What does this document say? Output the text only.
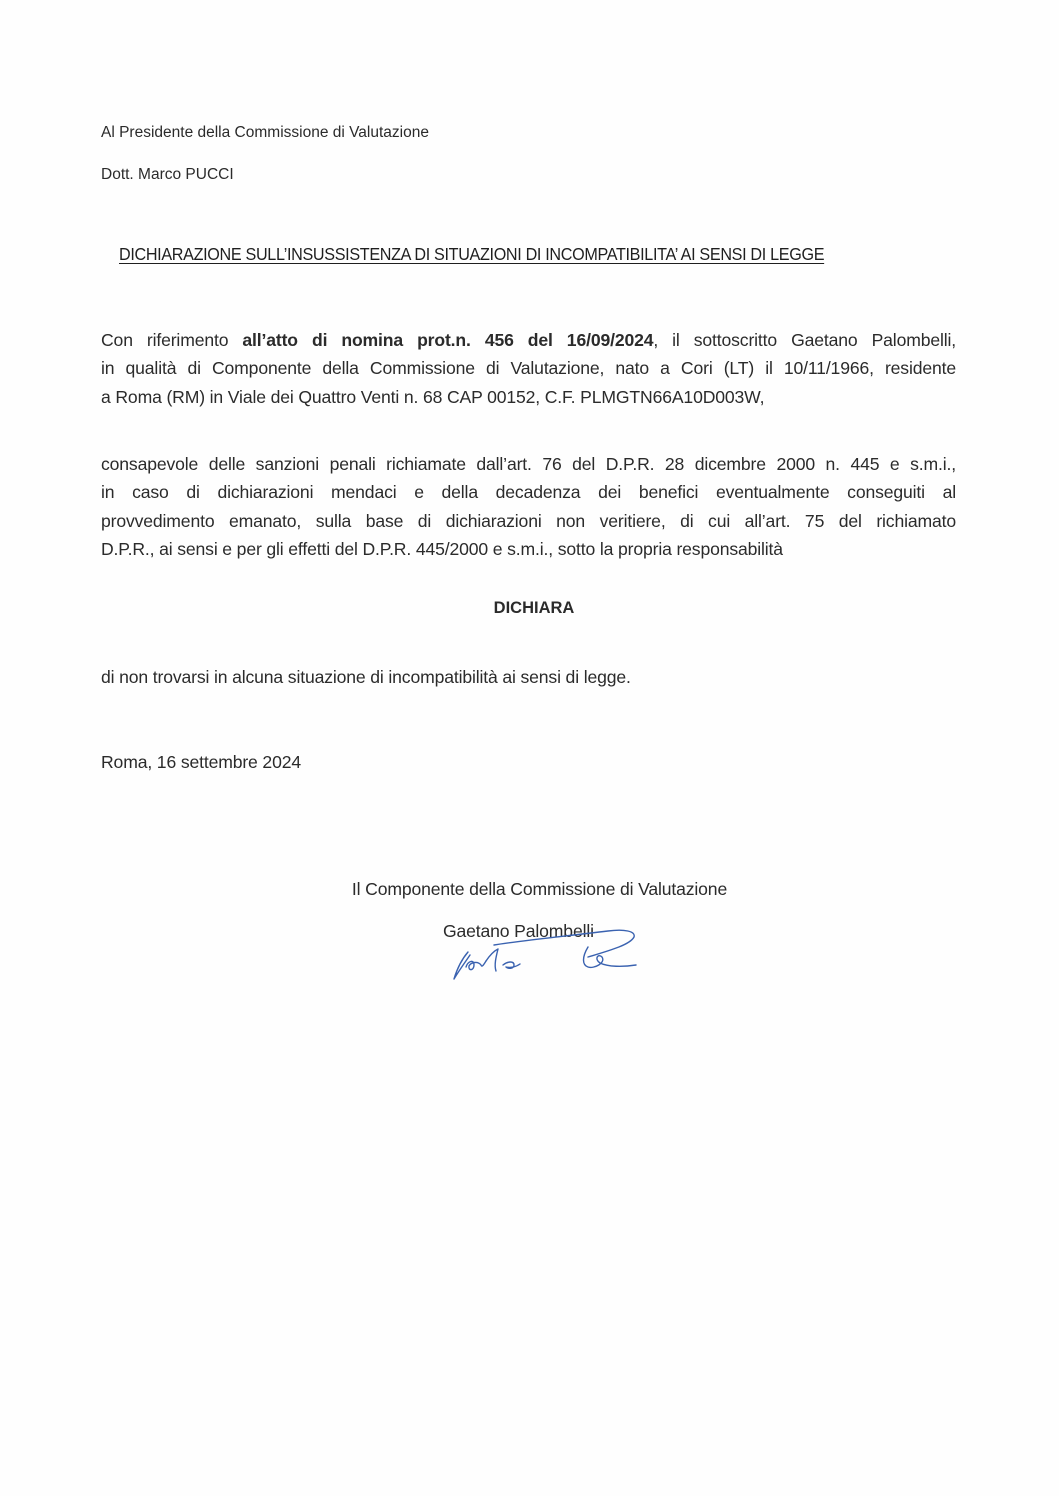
Al Presidente della Commissione di Valutazione
Dott. Marco PUCCI
DICHIARAZIONE SULL’INSUSSISTENZA DI SITUAZIONI DI INCOMPATIBILITA’ AI SENSI DI LEGGE
Con riferimento all’atto di nomina prot.n. 456 del 16/09/2024, il sottoscritto Gaetano Palombelli,
in qualità di Componente della Commissione di Valutazione, nato a Cori (LT) il 10/11/1966, residente
a Roma (RM) in Viale dei Quattro Venti n. 68 CAP 00152, C.F. PLMGTN66A10D003W,
consapevole delle sanzioni penali richiamate dall’art. 76 del D.P.R. 28 dicembre 2000 n. 445 e s.m.i.,
in caso di dichiarazioni mendaci e della decadenza dei benefici eventualmente conseguiti al
provvedimento emanato, sulla base di dichiarazioni non veritiere, di cui all’art. 75 del richiamato
D.P.R., ai sensi e per gli effetti del D.P.R. 445/2000 e s.m.i., sotto la propria responsabilità
DICHIARA
di non trovarsi in alcuna situazione di incompatibilità ai sensi di legge.
Roma, 16 settembre 2024
Il Componente della Commissione di Valutazione
Gaetano Palombelli
